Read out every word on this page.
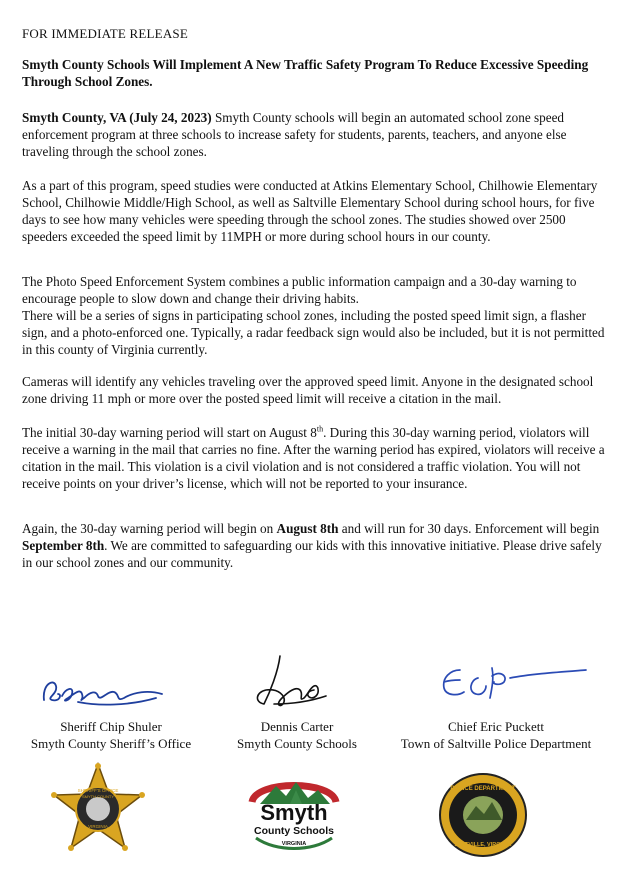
FOR IMMEDIATE RELEASE
Smyth County Schools Will Implement A New Traffic Safety Program To Reduce Excessive Speeding Through School Zones.
Smyth County, VA (July 24, 2023) Smyth County schools will begin an automated school zone speed enforcement program at three schools to increase safety for students, parents, teachers, and anyone else traveling through the school zones.
As a part of this program, speed studies were conducted at Atkins Elementary School, Chilhowie Elementary School, Chilhowie Middle/High School, as well as Saltville Elementary School during school hours, for five days to see how many vehicles were speeding through the school zones. The studies showed over 2500 speeders exceeded the speed limit by 11MPH or more during school hours in our county.
The Photo Speed Enforcement System combines a public information campaign and a 30-day warning to encourage people to slow down and change their driving habits.
There will be a series of signs in participating school zones, including the posted speed limit sign, a flasher sign, and a photo-enforced one. Typically, a radar feedback sign would also be included, but it is not permitted in this county of Virginia currently.
Cameras will identify any vehicles traveling over the approved speed limit. Anyone in the designated school zone driving 11 mph or more over the posted speed limit will receive a citation in the mail.
The initial 30-day warning period will start on August 8th. During this 30-day warning period, violators will receive a warning in the mail that carries no fine. After the warning period has expired, violators will receive a citation in the mail. This violation is a civil violation and is not considered a traffic violation. You will not receive points on your driver’s license, which will not be reported to your insurance.
Again, the 30-day warning period will begin on August 8th and will run for 30 days. Enforcement will begin September 8th. We are committed to safeguarding our kids with this innovative initiative. Please drive safely in our school zones and our community.
Sheriff Chip Shuler
Smyth County Sheriff’s Office
Dennis Carter
Smyth County Schools
Chief Eric Puckett
Town of Saltville Police Department
SHERIFF'S OFFICE
SMYTH COUNTY
VIRGINIA
Smyth
County Schools
VIRGINIA
POLICE DEPARTMENT
SALTVILLE, VIRGINIA
